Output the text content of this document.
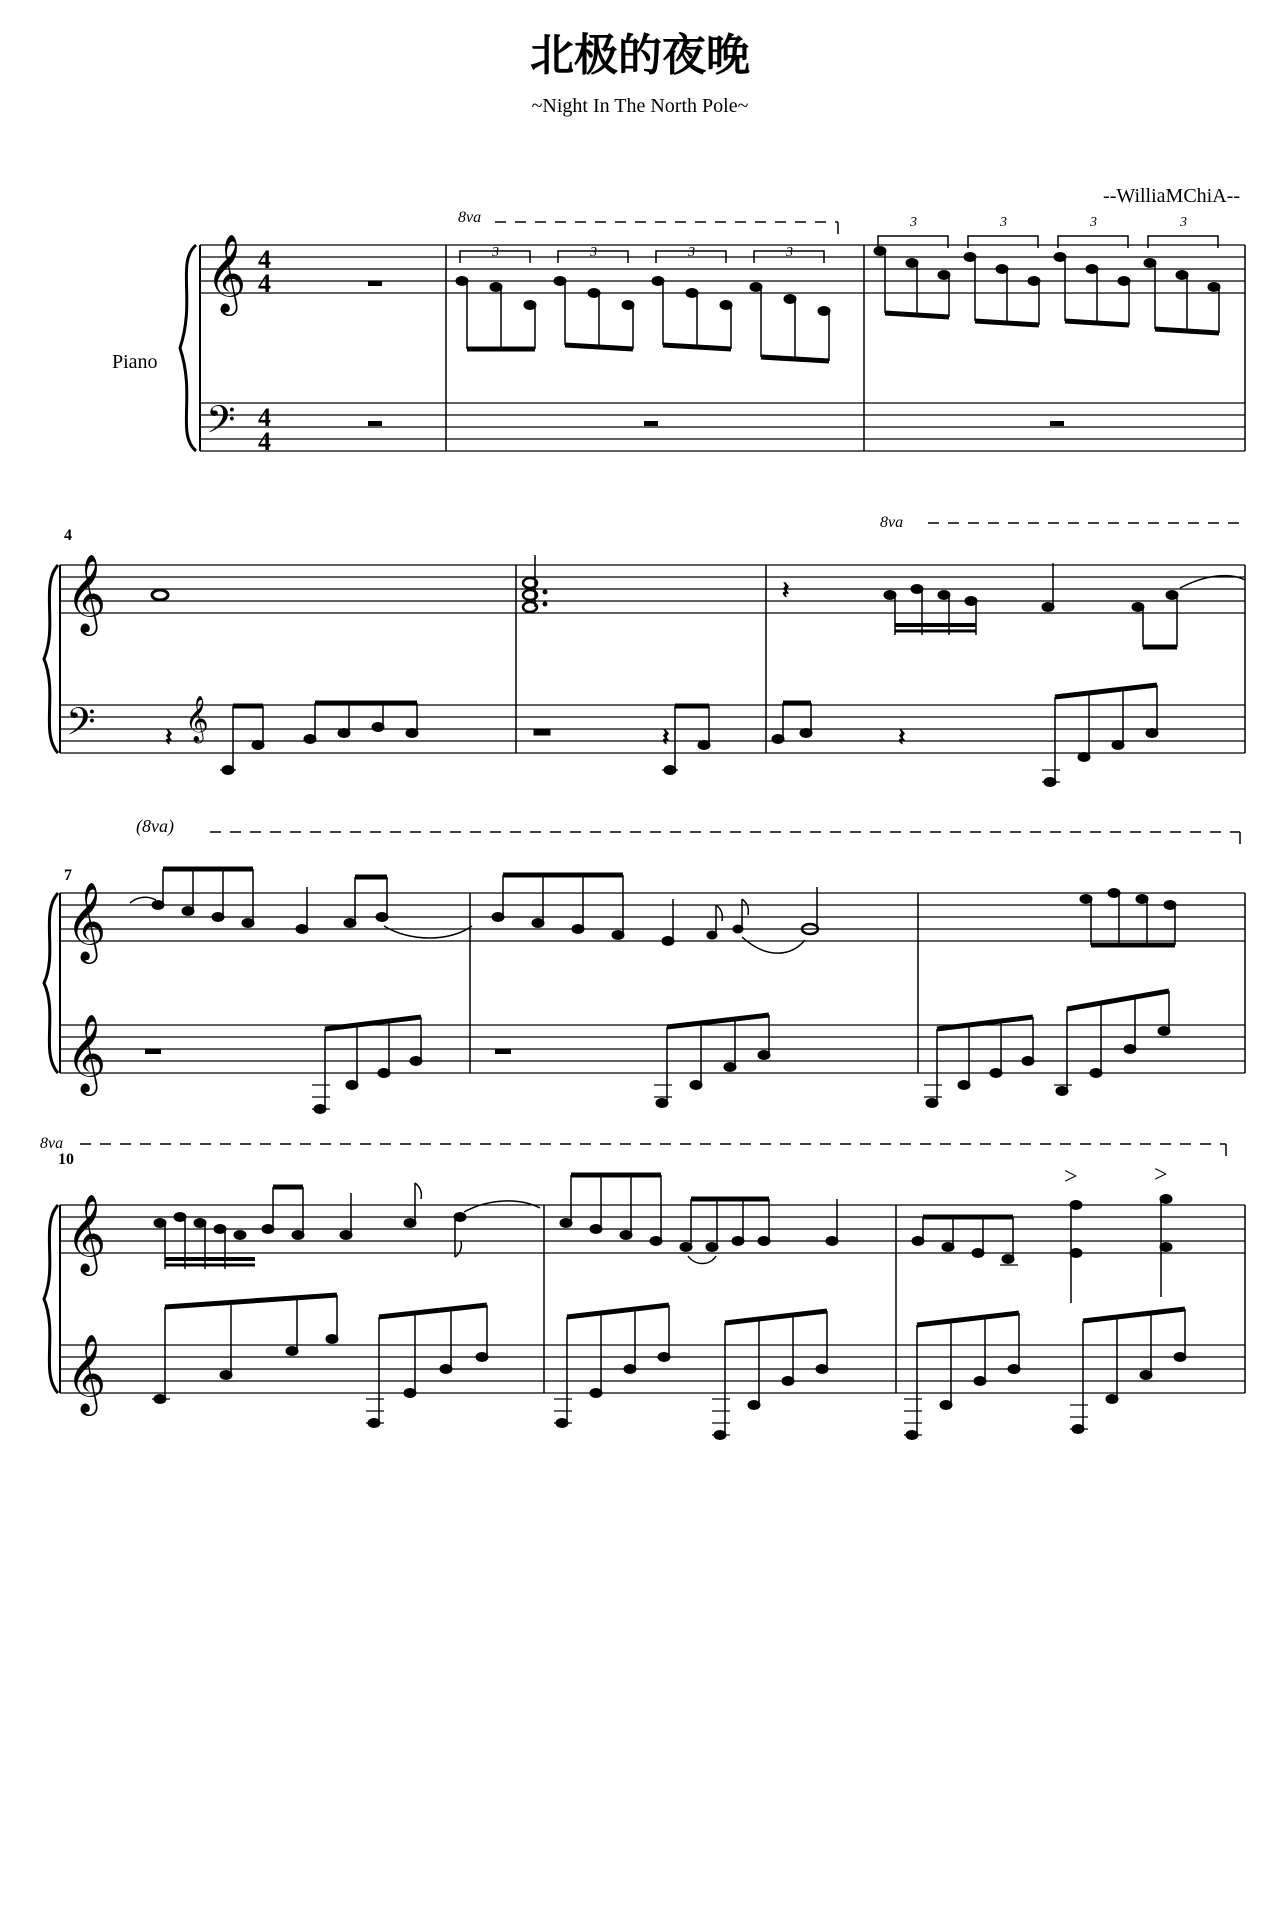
北极的夜晚
~Night In The North Pole~
--WilliaMChiA--
Piano
𝄞
𝄢
4
4
4
4
8va
3	3	3	3
3	3	3	3
4
8va
𝄞
𝄢
𝄽
𝄽	𝄽	𝄽
𝄞
7
(8va)
𝄞
𝄞
8va
10
𝄞
𝄞
>	>
